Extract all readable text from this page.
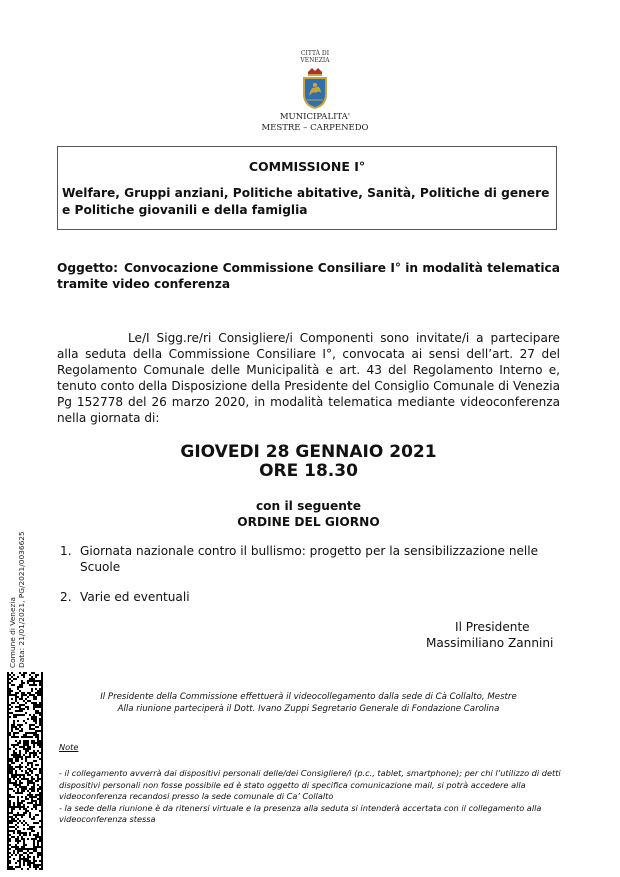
CITTÀ DI
VENEZIA
MUNICIPALITA'
MESTRE – CARPENEDO
COMMISSIONE I°
Welfare, Gruppi anziani, Politiche abitative, Sanità, Politiche di genere e Politiche giovanili e della famiglia
Oggetto: Convocazione Commissione Consiliare I° in modalità telematica tramite video conferenza
Le/I Sigg.re/ri Consigliere/i Componenti sono invitate/i a partecipare alla seduta della Commissione Consiliare I°, convocata ai sensi dell’art. 27 del Regolamento Comunale delle Municipalità e art. 43 del Regolamento Interno e, tenuto conto della Disposizione della Presidente del Consiglio Comunale di Venezia Pg 152778 del 26 marzo 2020, in modalità telematica mediante videoconferenza nella giornata di:
GIOVEDI 28 GENNAIO 2021
ORE 18.30
con il seguente
ORDINE DEL GIORNO
1. Giornata nazionale contro il bullismo: progetto per la sensibilizzazione nelle Scuole
2. Varie ed eventuali
Il Presidente
Massimiliano Zannini
Il Presidente della Commissione effettuerà il videocollegamento dalla sede di Cà Collalto, Mestre
Alla riunione parteciperà il Dott. Ivano Zuppi Segretario Generale di Fondazione Carolina
Note

- il collegamento avverrà dai dispositivi personali delle/dei Consigliere/i (p.c., tablet, smartphone); per chi l’utilizzo di detti dispositivi personali non fosse possibile ed è stato oggetto di specifica comunicazione mail, si potrà accedere alla videoconferenza recandosi presso la sede comunale di Ca’ Collalto

- la sede della riunione è da ritenersi virtuale e la presenza alla seduta si intenderà accertata con il collegamento alla videoconferenza stessa

Comune di Venezia Data: 21/01/2021, PG/2021/0036625
